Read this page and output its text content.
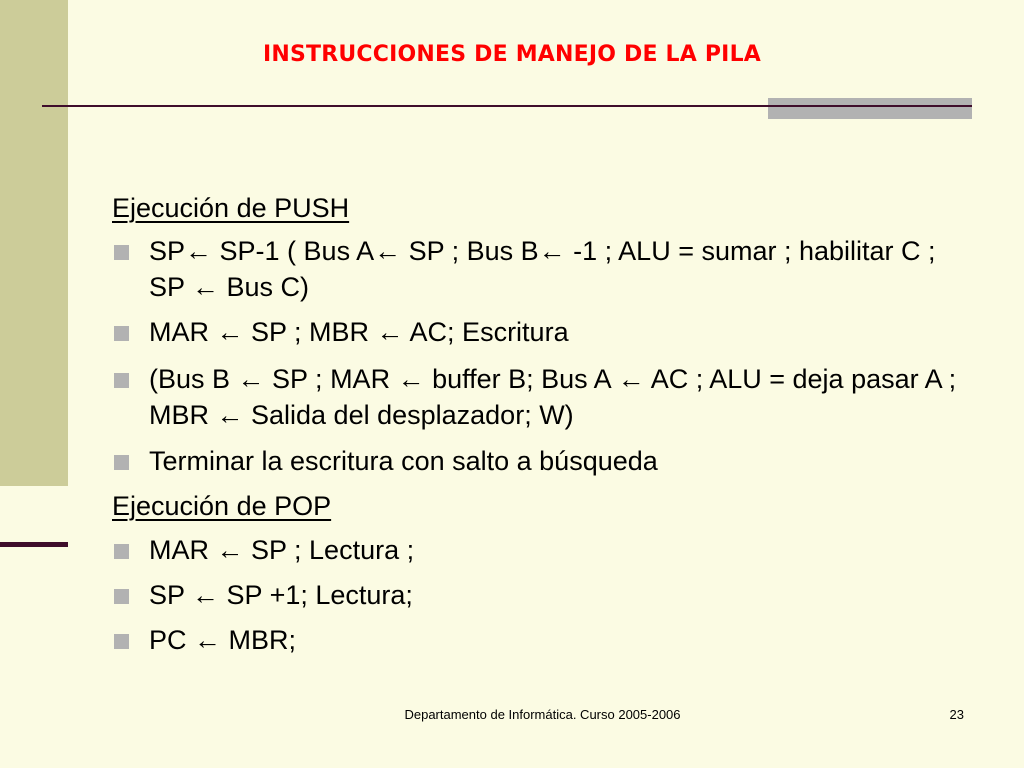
INSTRUCCIONES DE MANEJO DE LA PILA
Ejecución de PUSH
SP← SP-1 ( Bus A← SP ; Bus B← -1 ; ALU = sumar ; habilitar C ; SP ← Bus C)
MAR ← SP ; MBR ← AC; Escritura
(Bus B ← SP ; MAR ← buffer B; Bus A ← AC ; ALU = deja pasar A ; MBR ← Salida del desplazador; W)
Terminar la escritura con salto a búsqueda
Ejecución de POP
MAR ← SP ; Lectura ;
SP ← SP +1; Lectura;
PC ← MBR;
Departamento de Informática. Curso 2005-2006	23
